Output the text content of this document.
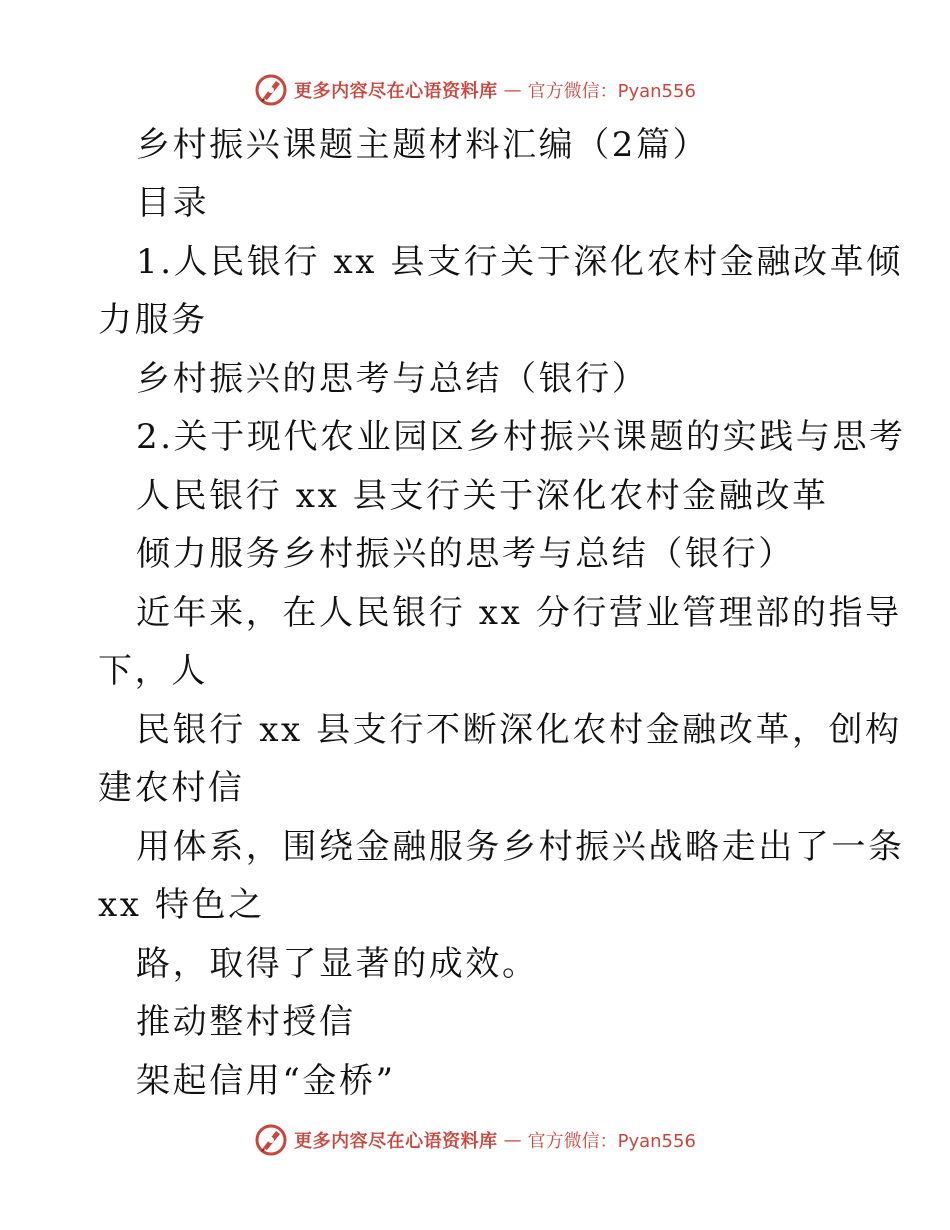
更多内容尽在心语资料库 — 官方微信：Pyan556
乡村振兴课题主题材料汇编（2篇）
目录
1.人民银行 xx 县支行关于深化农村金融改革倾
力服务
乡村振兴的思考与总结（银行）
2.关于现代农业园区乡村振兴课题的实践与思考
人民银行 xx 县支行关于深化农村金融改革
倾力服务乡村振兴的思考与总结（银行）
近年来，在人民银行 xx 分行营业管理部的指导
下，人
民银行 xx 县支行不断深化农村金融改革，创构
建农村信
用体系，围绕金融服务乡村振兴战略走出了一条
xx 特色之
路，取得了显著的成效。
推动整村授信
架起信用“金桥”
更多内容尽在心语资料库 — 官方微信：Pyan556
